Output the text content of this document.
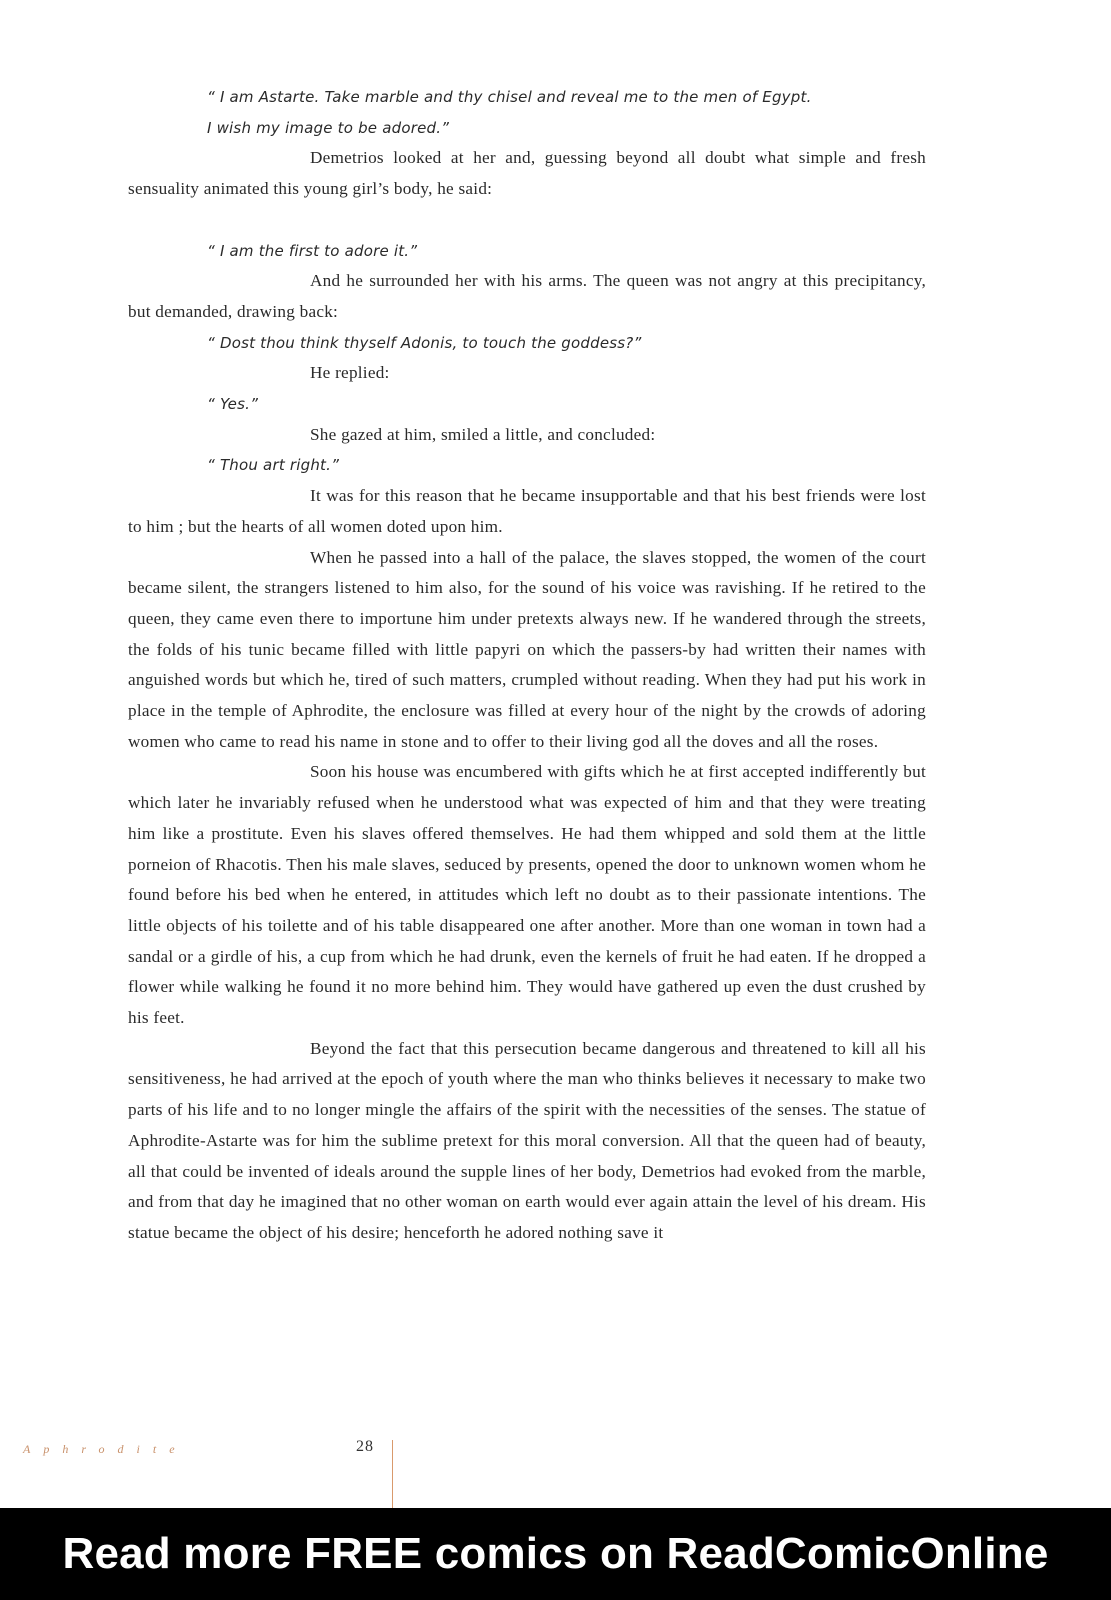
“ I am Astarte. Take marble and thy chisel and reveal me to the men of Egypt.

I wish my image to be adored.”

Demetrios looked at her and, guessing beyond all doubt what simple and fresh sensuality animated this young girl’s body, he said:

“ I am the first to adore it.”

And he surrounded her with his arms. The queen was not angry at this precipitancy, but demanded, drawing back:

“ Dost thou think thyself Adonis, to touch the goddess?”

He replied:

“ Yes.”

She gazed at him, smiled a little, and concluded:

“ Thou art right.”

It was for this reason that he became insupportable and that his best friends were lost to him ; but the hearts of all women doted upon him.

When he passed into a hall of the palace, the slaves stopped, the women of the court became silent, the strangers listened to him also, for the sound of his voice was ravishing. If he retired to the queen, they came even there to importune him under pretexts always new. If he wandered through the streets, the folds of his tunic became filled with little papyri on which the passers-by had written their names with anguished words but which he, tired of such matters, crumpled without reading. When they had put his work in place in the temple of Aphrodite, the enclosure was filled at every hour of the night by the crowds of adoring women who came to read his name in stone and to offer to their living god all the doves and all the roses.

Soon his house was encumbered with gifts which he at first accepted indifferently but which later he invariably refused when he understood what was expected of him and that they were treating him like a prostitute. Even his slaves offered themselves. He had them whipped and sold them at the little porneion of Rhacotis. Then his male slaves, seduced by presents, opened the door to unknown women whom he found before his bed when he entered, in attitudes which left no doubt as to their passionate intentions. The little objects of his toilette and of his table disappeared one after another. More than one woman in town had a sandal or a girdle of his, a cup from which he had drunk, even the kernels of fruit he had eaten. If he dropped a flower while walking he found it no more behind him. They would have gathered up even the dust crushed by his feet.

Beyond the fact that this persecution became dangerous and threatened to kill all his sensitiveness, he had arrived at the epoch of youth where the man who thinks believes it necessary to make two parts of his life and to no longer mingle the affairs of the spirit with the necessities of the senses. The statue of Aphrodite-Astarte was for him the sublime pretext for this moral conversion. All that the queen had of beauty, all that could be invented of ideals around the supple lines of her body, Demetrios had evoked from the marble, and from that day he imagined that no other woman on earth would ever again attain the level of his dream. His statue became the object of his desire; henceforth he adored nothing save it

Aphrodite	28
Read more FREE comics on ReadComicOnline
